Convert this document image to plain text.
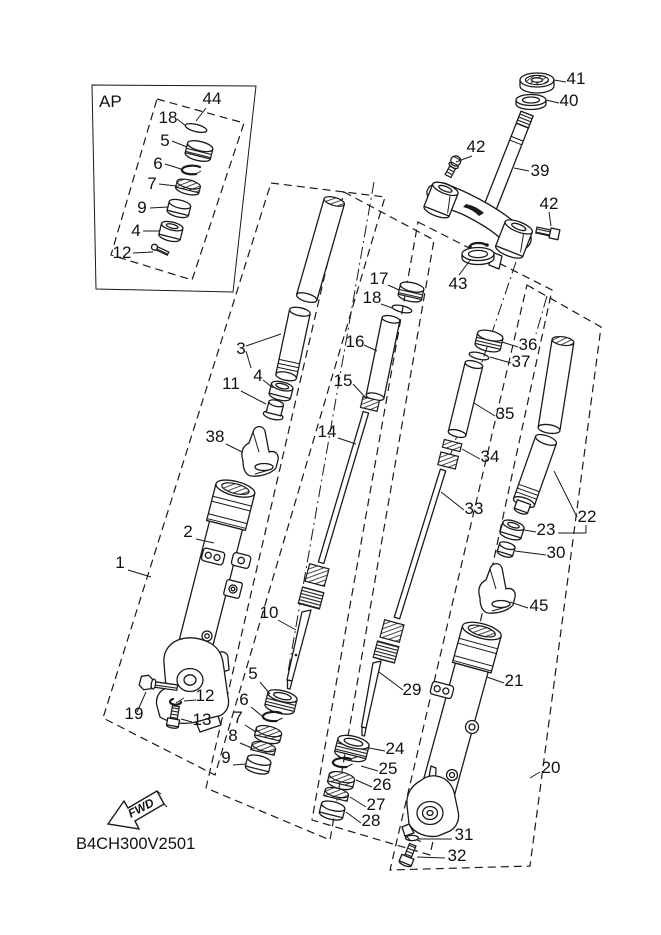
AP	44
18
5
6
7
9
4
12
41
40
42
39
42
43
3
4
11
38
2
1
14
16
15
17
18
10
5
6
7
8
9
19
12
13
36
37
35
34
33	22
23
30
45
21
20
29
24
25
26
27
28
31
32
FWD
B4CH300V2501
